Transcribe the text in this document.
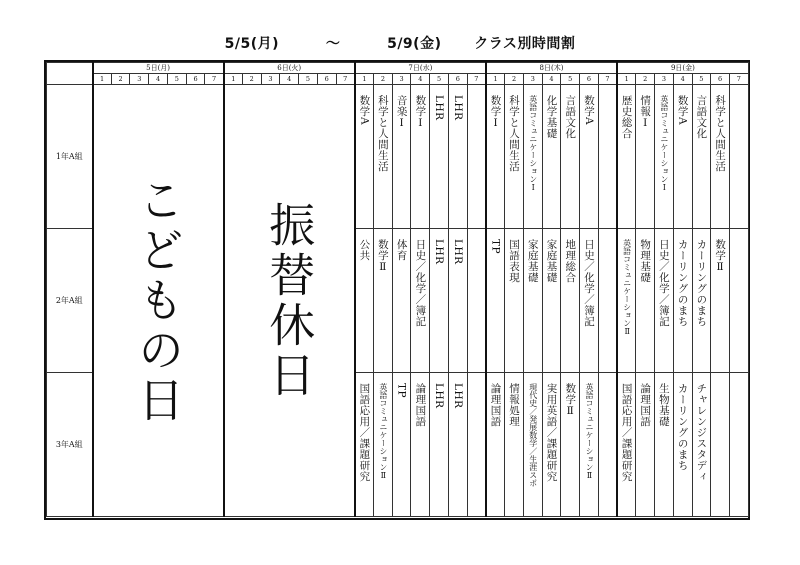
5/5(月)	～	5/9(金) クラス別時間割
	5日(月)							6日(火)							7日(水)							8日(木)							9日(金)						
	1	2	3	4	5	6	7	1	2	3	4	5	6	7	1	2	3	4	5	6	7	1	2	3	4	5	6	7	1	2	3	4	5	6	7
1年A組	こどもの日							振替休日							数学A	科学と人間生活	音楽Ⅰ	数学Ⅰ	LHR	LHR		数学Ⅰ	科学と人間生活	英語コミュニケーションⅠ	化学基礎	言語文化	数学A		歴史総合	情報Ⅰ	英語コミュニケーションⅠ	数学A	言語文化	科学と人間生活	

2年A組															公共	数学Ⅱ	体育	日史／化学／簿記	LHR	LHR		TP	国語表現	家庭基礎	家庭基礎	地理総合	日史／化学／簿記		英語コミュニケーションⅡ	物理基礎	日史／化学／簿記	カーリングのまち	カーリングのまち	数学Ⅱ	

3年A組															国語応用／課題研究	英語コミュニケーションⅡ	TP	論理国語	LHR	LHR		論理国語	情報処理	現代史／発展数学／生涯スポ	実用英語／課題研究	数学Ⅱ	英語コミュニケーションⅡ		国語応用／課題研究	論理国語	生物基礎	カーリングのまち	チャレンジスタディ		
